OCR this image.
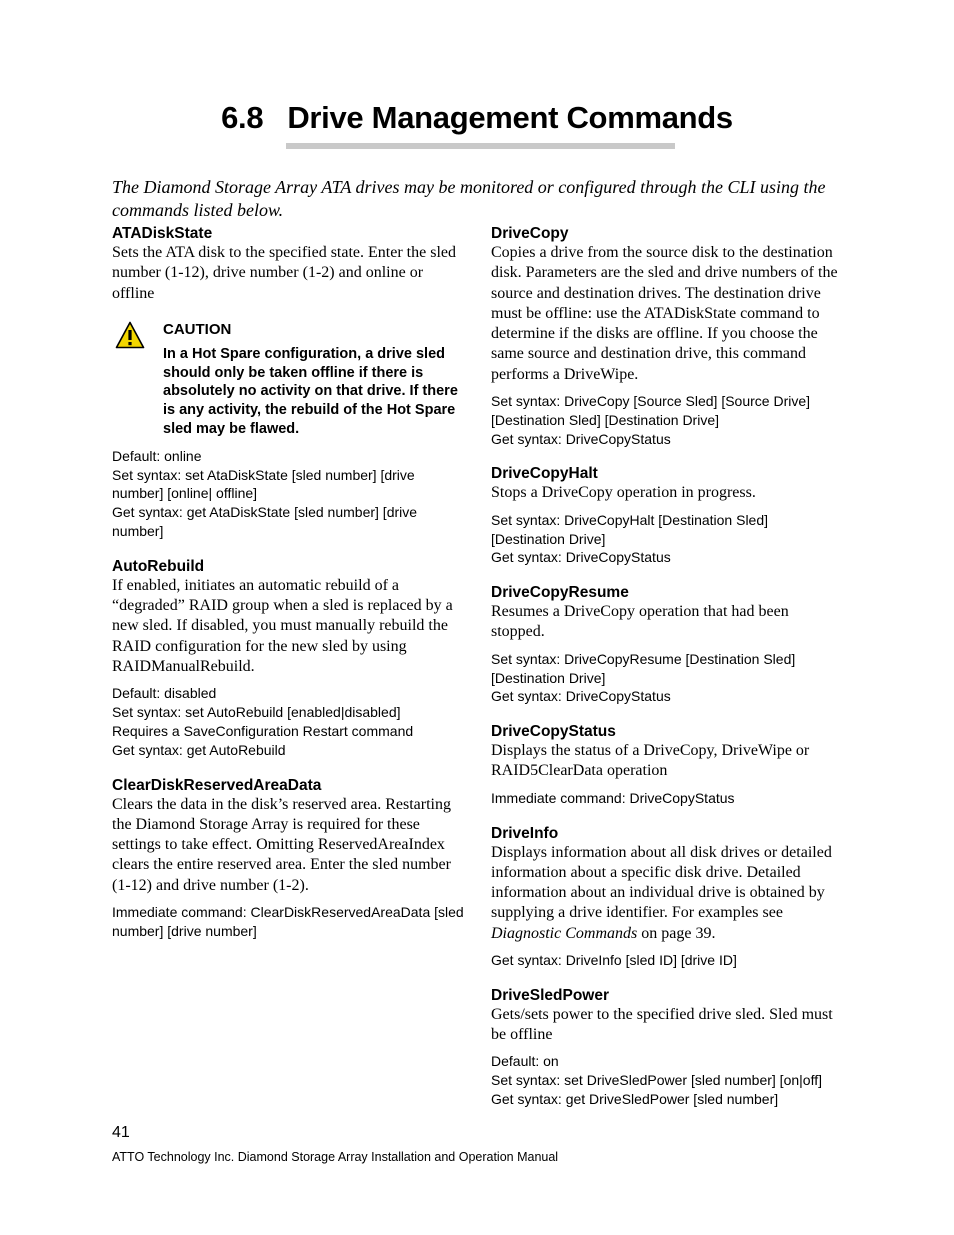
6.8 Drive Management Commands

The Diamond Storage Array ATA drives may be monitored or configured through the CLI using the commands listed below.

ATADiskState

Sets the ATA disk to the specified state. Enter the sled number (1-12), drive number (1-2) and online or offline

CAUTION
In a Hot Spare configuration, a drive sled should only be taken offline if there is absolutely no activity on that drive. If there is any activity, the rebuild of the Hot Spare sled may be flawed.
Default: online
Set syntax: set AtaDiskState [sled number] [drive number] [online| offline]
Get syntax: get AtaDiskState [sled number] [drive number]

AutoRebuild

If enabled, initiates an automatic rebuild of a “degraded” RAID group when a sled is replaced by a new sled. If disabled, you must manually rebuild the RAID configuration for the new sled by using RAIDManualRebuild.

Default: disabled
Set syntax: set AutoRebuild [enabled|disabled]
Requires a SaveConfiguration Restart command
Get syntax: get AutoRebuild

ClearDiskReservedAreaData

Clears the data in the disk’s reserved area. Restarting the Diamond Storage Array is required for these settings to take effect. Omitting ReservedAreaIndex clears the entire reserved area. Enter the sled number (1-12) and drive number (1-2).

Immediate command: ClearDiskReservedAreaData [sled number] [drive number]

DriveCopy

Copies a drive from the source disk to the destination disk. Parameters are the sled and drive numbers of the source and destination drives. The destination drive must be offline: use the ATADiskState command to determine if the disks are offline. If you choose the same source and destination drive, this command performs a DriveWipe.

Set syntax: DriveCopy [Source Sled] [Source Drive] [Destination Sled] [Destination Drive]
Get syntax: DriveCopyStatus

DriveCopyHalt

Stops a DriveCopy operation in progress.

Set syntax: DriveCopyHalt [Destination Sled] [Destination Drive]
Get syntax: DriveCopyStatus

DriveCopyResume

Resumes a DriveCopy operation that had been stopped.

Set syntax: DriveCopyResume [Destination Sled] [Destination Drive]
Get syntax: DriveCopyStatus

DriveCopyStatus

Displays the status of a DriveCopy, DriveWipe or RAID5ClearData operation

Immediate command: DriveCopyStatus

DriveInfo

Displays information about all disk drives or detailed information about a specific disk drive. Detailed information about an individual drive is obtained by supplying a drive identifier. For examples see Diagnostic Commands on page 39.

Get syntax: DriveInfo [sled ID] [drive ID]

DriveSledPower

Gets/sets power to the specified drive sled. Sled must be offline

Default: on
Set syntax: set DriveSledPower [sled number] [on|off]
Get syntax: get DriveSledPower [sled number]
41
ATTO Technology Inc. Diamond Storage Array Installation and Operation Manual
